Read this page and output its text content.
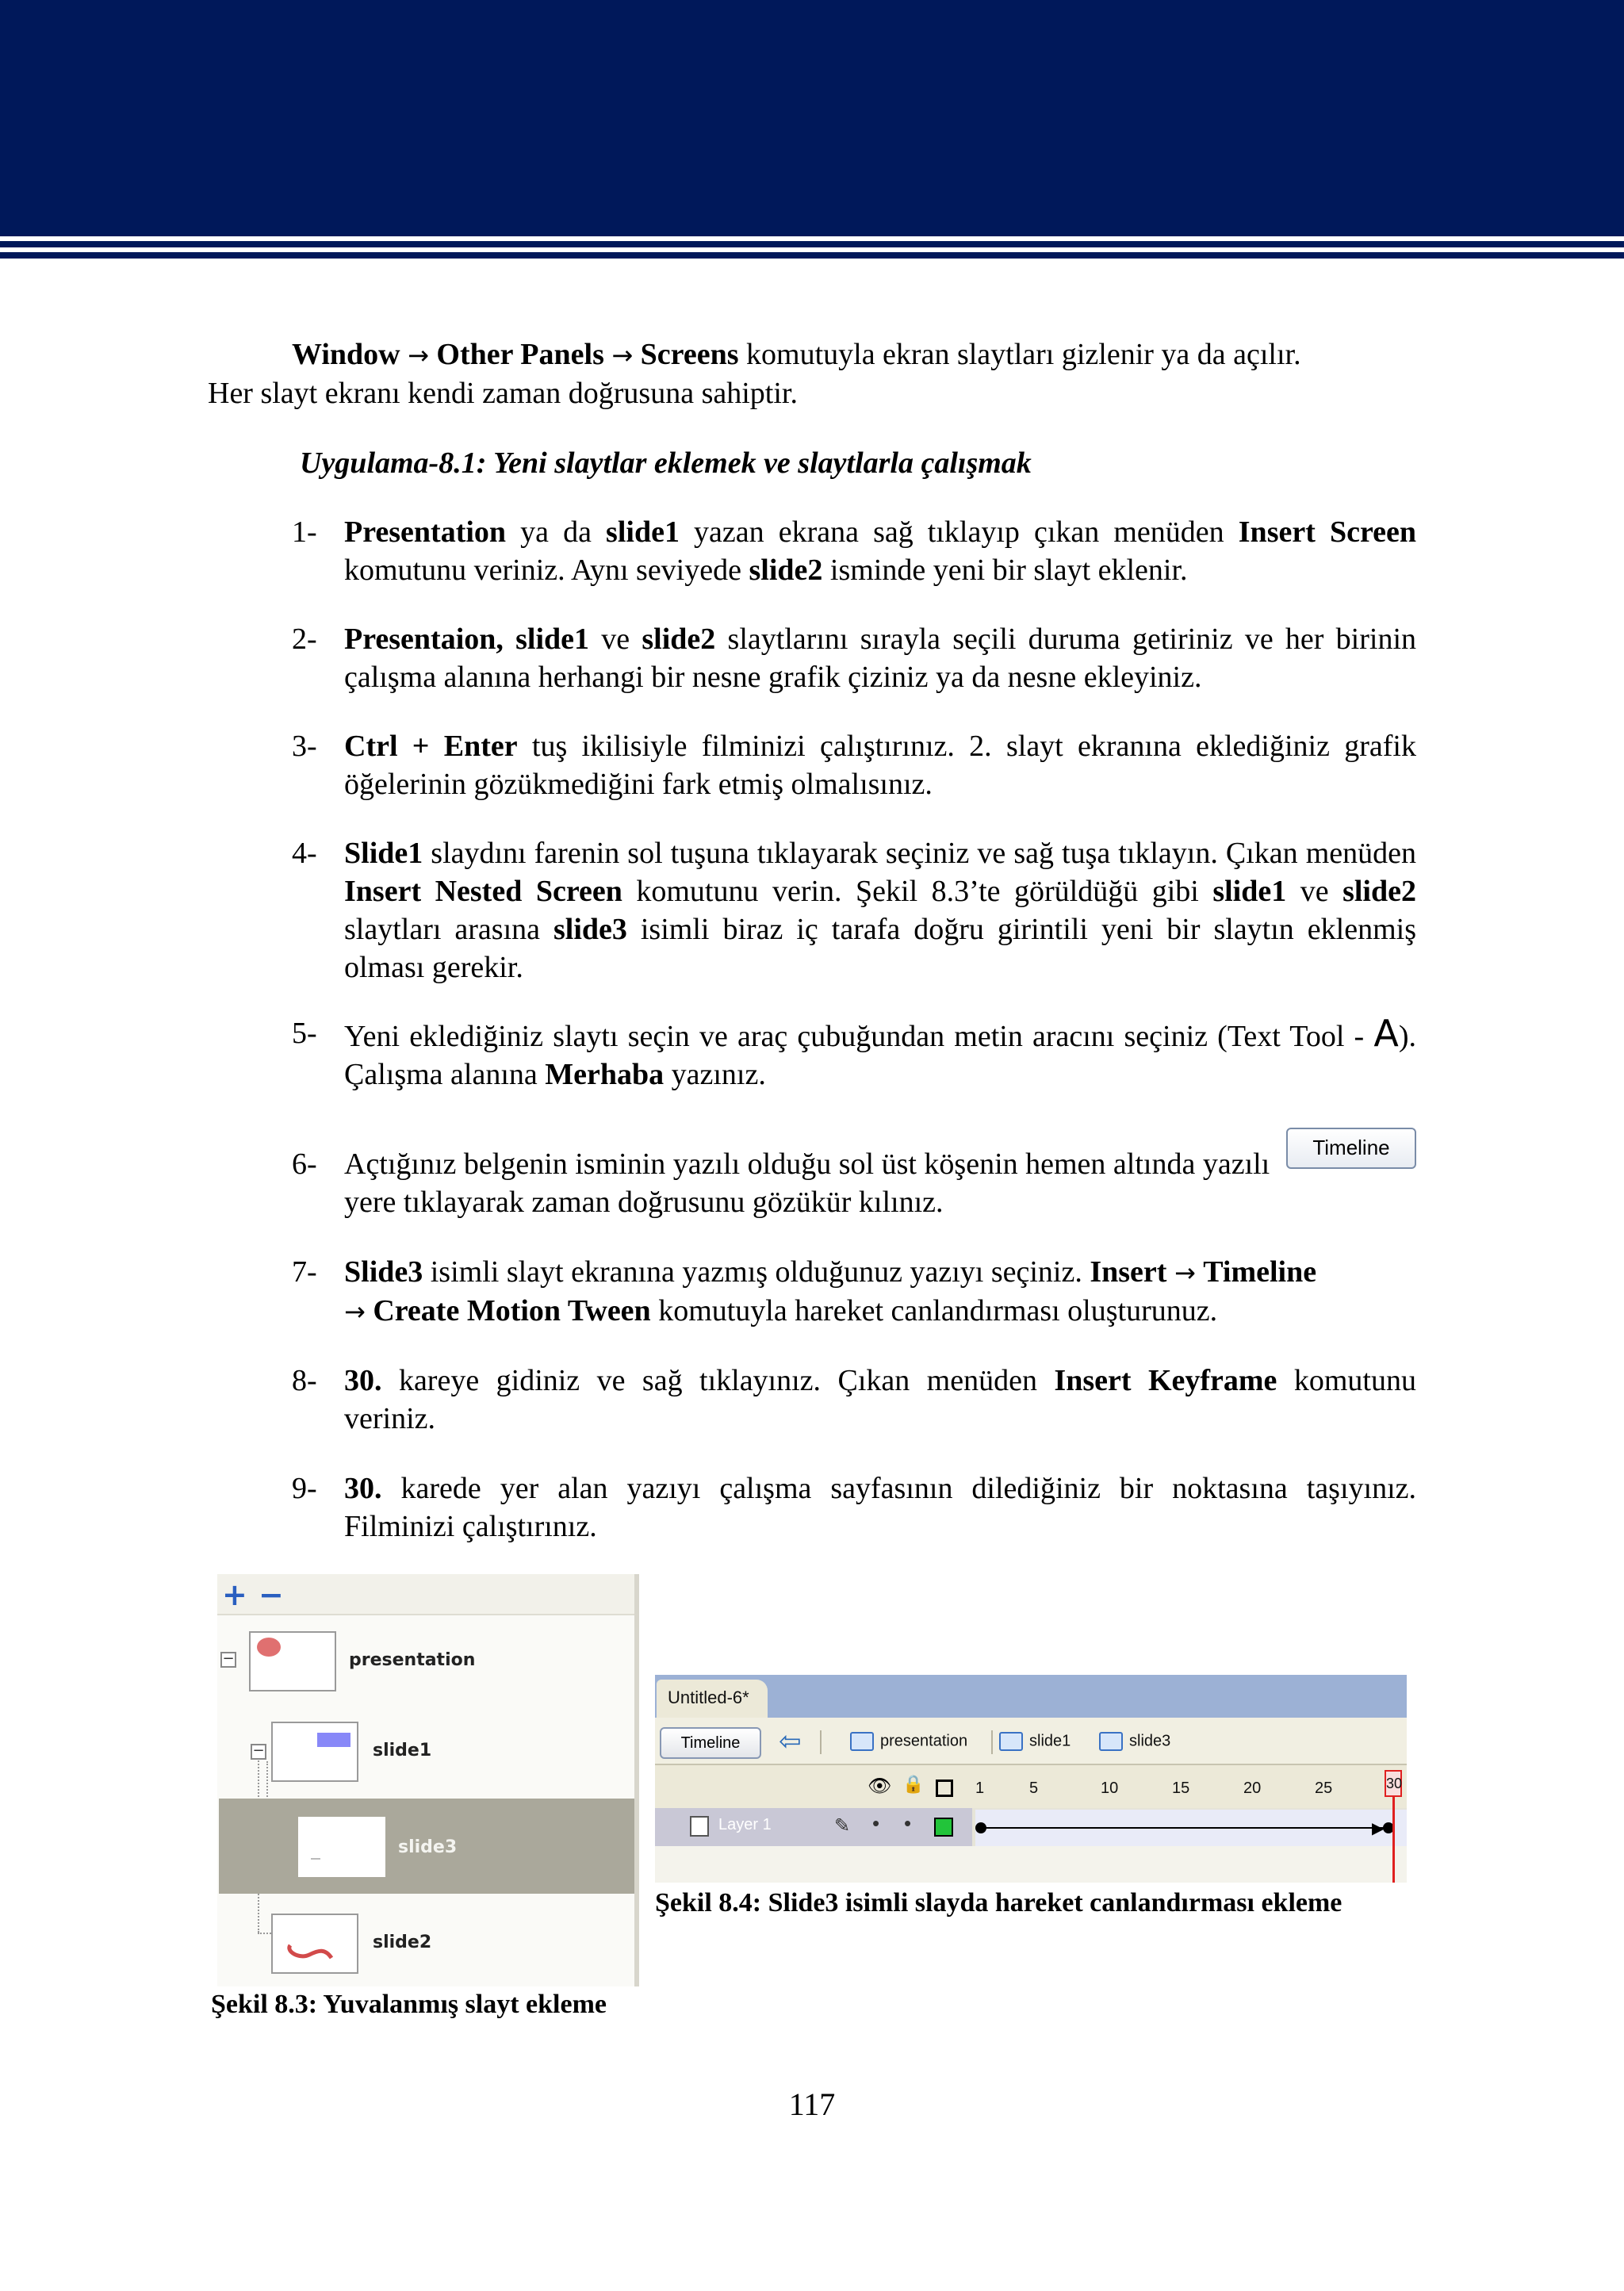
Window → Other Panels → Screens komutuyla ekran slaytları gizlenir ya da açılır.
Her slayt ekranı kendi zaman doğrusuna sahiptir.
Uygulama-8.1: Yeni slaytlar eklemek ve slaytlarla çalışmak
1- Presentation ya da slide1 yazan ekrana sağ tıklayıp çıkan menüden Insert Screen komutunu veriniz. Aynı seviyede slide2 isminde yeni bir slayt eklenir.
2- Presentaion, slide1 ve slide2 slaytlarını sırayla seçili duruma getiriniz ve her birinin çalışma alanına herhangi bir nesne grafik çiziniz ya da nesne ekleyiniz.
3- Ctrl + Enter tuş ikilisiyle filminizi çalıştırınız. 2. slayt ekranına eklediğiniz grafik öğelerinin gözükmediğini fark etmiş olmalısınız.
4- Slide1 slaydını farenin sol tuşuna tıklayarak seçiniz ve sağ tuşa tıklayın. Çıkan menüden Insert Nested Screen komutunu verin. Şekil 8.3’te görüldüğü gibi slide1 ve slide2 slaytları arasına slide3 isimli biraz iç tarafa doğru girintili yeni bir slaytın eklenmiş olması gerekir.
5- Yeni eklediğiniz slaytı seçin ve araç çubuğundan metin aracını seçiniz (Text Tool - A). Çalışma alanına Merhaba yazınız.
6- Açtığınız belgenin isminin yazılı olduğu sol üst köşenin hemen altında yazılı yere tıklayarak zaman doğrusunu gözükür kılınız.
Timeline
7- Slide3 isimli slayt ekranına yazmış olduğunuz yazıyı seçiniz. Insert → Timeline
→ Create Motion Tween komutuyla hareket canlandırması oluşturunuz.
8- 30. kareye gidiniz ve sağ tıklayınız. Çıkan menüden Insert Keyframe komutunu veriniz.
9- 30. karede yer alan yazıyı çalışma sayfasının dilediğiniz bir noktasına taşıyınız. Filminizi çalıştırınız.
+ −
−	presentation
−	slide1
slide3
slide2
Untitled-6*
Timeline	⇦	presentation	slide1	slide3
👁 🔒	1	5	10	15	20	25
Layer 1	✎ • •	▶
30
Şekil 8.4: Slide3 isimli slayda hareket canlandırması ekleme
Şekil 8.3: Yuvalanmış slayt ekleme
117
